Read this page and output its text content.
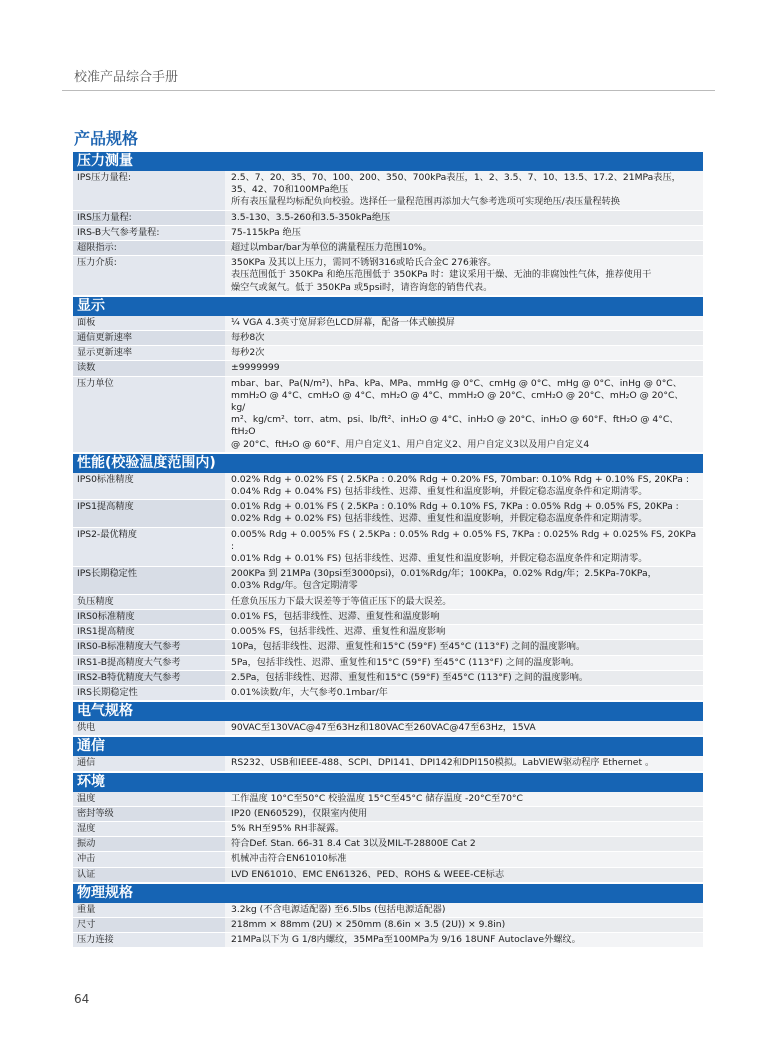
校准产品综合手册
产品规格
压力测量
IPS压力量程:	2.5、7、20、35、70、100、200、350、700kPa表压，1、2、3.5、7、10、13.5、17.2、21MPa表压，
35、42、70和100MPa绝压
所有表压量程均标配负向校验。选择任一量程范围再添加大气参考选项可实现绝压/表压量程转换
IRS压力量程:	3.5-130、3.5-260和3.5-350kPa绝压
IRS-B大气参考量程:	75-115kPa 绝压
超限指示:	超过以mbar/bar为单位的满量程压力范围10%。
压力介质:	350KPa 及其以上压力，需同不锈钢316或哈氏合金C 276兼容。
表压范围低于 350KPa 和绝压范围低于 350KPa 时：建议采用干燥、无油的非腐蚀性气体，推荐使用干
燥空气或氮气。低于 350KPa 或5psi时，请咨询您的销售代表。
显示
面板	¼ VGA 4.3英寸宽屏彩色LCD屏幕，配备一体式触摸屏
通信更新速率	每秒8次
显示更新速率	每秒2次
读数	±9999999
压力单位	mbar、bar、Pa(N/m²)、hPa、kPa、MPa、mmHg @ 0°C、cmHg @ 0°C、mHg @ 0°C、inHg @ 0°C、
mmH₂O @ 4°C、cmH₂O @ 4°C、mH₂O @ 4°C、mmH₂O @ 20°C、cmH₂O @ 20°C、mH₂O @ 20°C、kg/
m²、kg/cm²、torr、atm、psi、lb/ft²、inH₂O @ 4°C、inH₂O @ 20°C、inH₂O @ 60°F、ftH₂O @ 4°C、ftH₂O
@ 20°C、ftH₂O @ 60°F、用户自定义1、用户自定义2、用户自定义3以及用户自定义4
性能(校验温度范围内)
IPS0标准精度	0.02% Rdg + 0.02% FS ( 2.5KPa : 0.20% Rdg + 0.20% FS, 70mbar: 0.10% Rdg + 0.10% FS, 20KPa :
0.04% Rdg + 0.04% FS) 包括非线性、迟滞、重复性和温度影响，并假定稳态温度条件和定期清零。
IPS1提高精度	0.01% Rdg + 0.01% FS ( 2.5KPa : 0.10% Rdg + 0.10% FS, 7KPa : 0.05% Rdg + 0.05% FS, 20KPa :
0.02% Rdg + 0.02% FS) 包括非线性、迟滞、重复性和温度影响，并假定稳态温度条件和定期清零。
IPS2-最优精度	0.005% Rdg + 0.005% FS ( 2.5KPa : 0.05% Rdg + 0.05% FS, 7KPa : 0.025% Rdg + 0.025% FS, 20KPa :
0.01% Rdg + 0.01% FS) 包括非线性、迟滞、重复性和温度影响，并假定稳态温度条件和定期清零。
IPS长期稳定性	200KPa 到 21MPa (30psi至3000psi)，0.01%Rdg/年；100KPa，0.02% Rdg/年；2.5KPa-70KPa，
0.03% Rdg/年。包含定期清零
负压精度	任意负压压力下最大误差等于等值正压下的最大误差。
IRS0标准精度	0.01% FS，包括非线性、迟滞、重复性和温度影响
IRS1提高精度	0.005% FS，包括非线性、迟滞、重复性和温度影响
IRS0-B标准精度大气参考	10Pa，包括非线性、迟滞、重复性和15°C (59°F) 至45°C (113°F) 之间的温度影响。
IRS1-B提高精度大气参考	5Pa，包括非线性、迟滞、重复性和15°C (59°F) 至45°C (113°F) 之间的温度影响。
IRS2-B特优精度大气参考	2.5Pa，包括非线性、迟滞、重复性和15°C (59°F) 至45°C (113°F) 之间的温度影响。
IRS长期稳定性	0.01%读数/年，大气参考0.1mbar/年
电气规格
供电	90VAC至130VAC@47至63Hz和180VAC至260VAC@47至63Hz，15VA
通信
通信	RS232、USB和IEEE-488、SCPI、DPI141、DPI142和DPI150模拟。LabVIEW驱动程序 Ethernet 。
环境
温度	工作温度 10°C至50°C 校验温度 15°C至45°C 储存温度 -20°C至70°C
密封等级	IP20 (EN60529)，仅限室内使用
湿度	5% RH至95% RH非凝露。
振动	符合Def. Stan. 66-31 8.4 Cat 3以及MIL-T-28800E Cat 2
冲击	机械冲击符合EN61010标准
认证	LVD EN61010、EMC EN61326、PED、ROHS & WEEE-CE标志
物理规格
重量	3.2kg (不含电源适配器) 至6.5lbs (包括电源适配器)
尺寸	218mm × 88mm (2U) × 250mm (8.6in × 3.5 (2U)) × 9.8in)
压力连接	21MPa以下为 G 1/8内螺纹，35MPa至100MPa为 9/16 18UNF Autoclave外螺纹。
64
